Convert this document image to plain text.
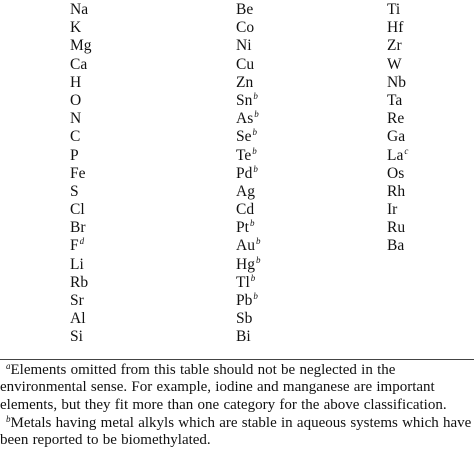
Na
K
Mg
Ca
H
O
N
C
P
Fe
S
Cl
Br
$F^d$
Li
Rb
Sr
Al
Si
Be
Co
Ni
Cu
Zn
Sn$^b$
As$^b$
Se$^b$
Te$^b$
Pd$^b$
Ag
Cd
Pt$^b$
Au$^b$
Hg$^b$
Tl$^b$
Pb$^b$
Sb
Bi
Ti
Hf
Zr
W
Nb
Ta
Re
Ga
La$^c$
Os
Rh
Ir
Ru
Ba

$^a$Elements omitted from this table should not be neglected in the environmental sense. For example, iodine and manganese are important elements, but they fit more than one category for the above classification.

$^b$Metals having metal alkyls which are stable in aqueous systems which have been reported to be biomethylated.
